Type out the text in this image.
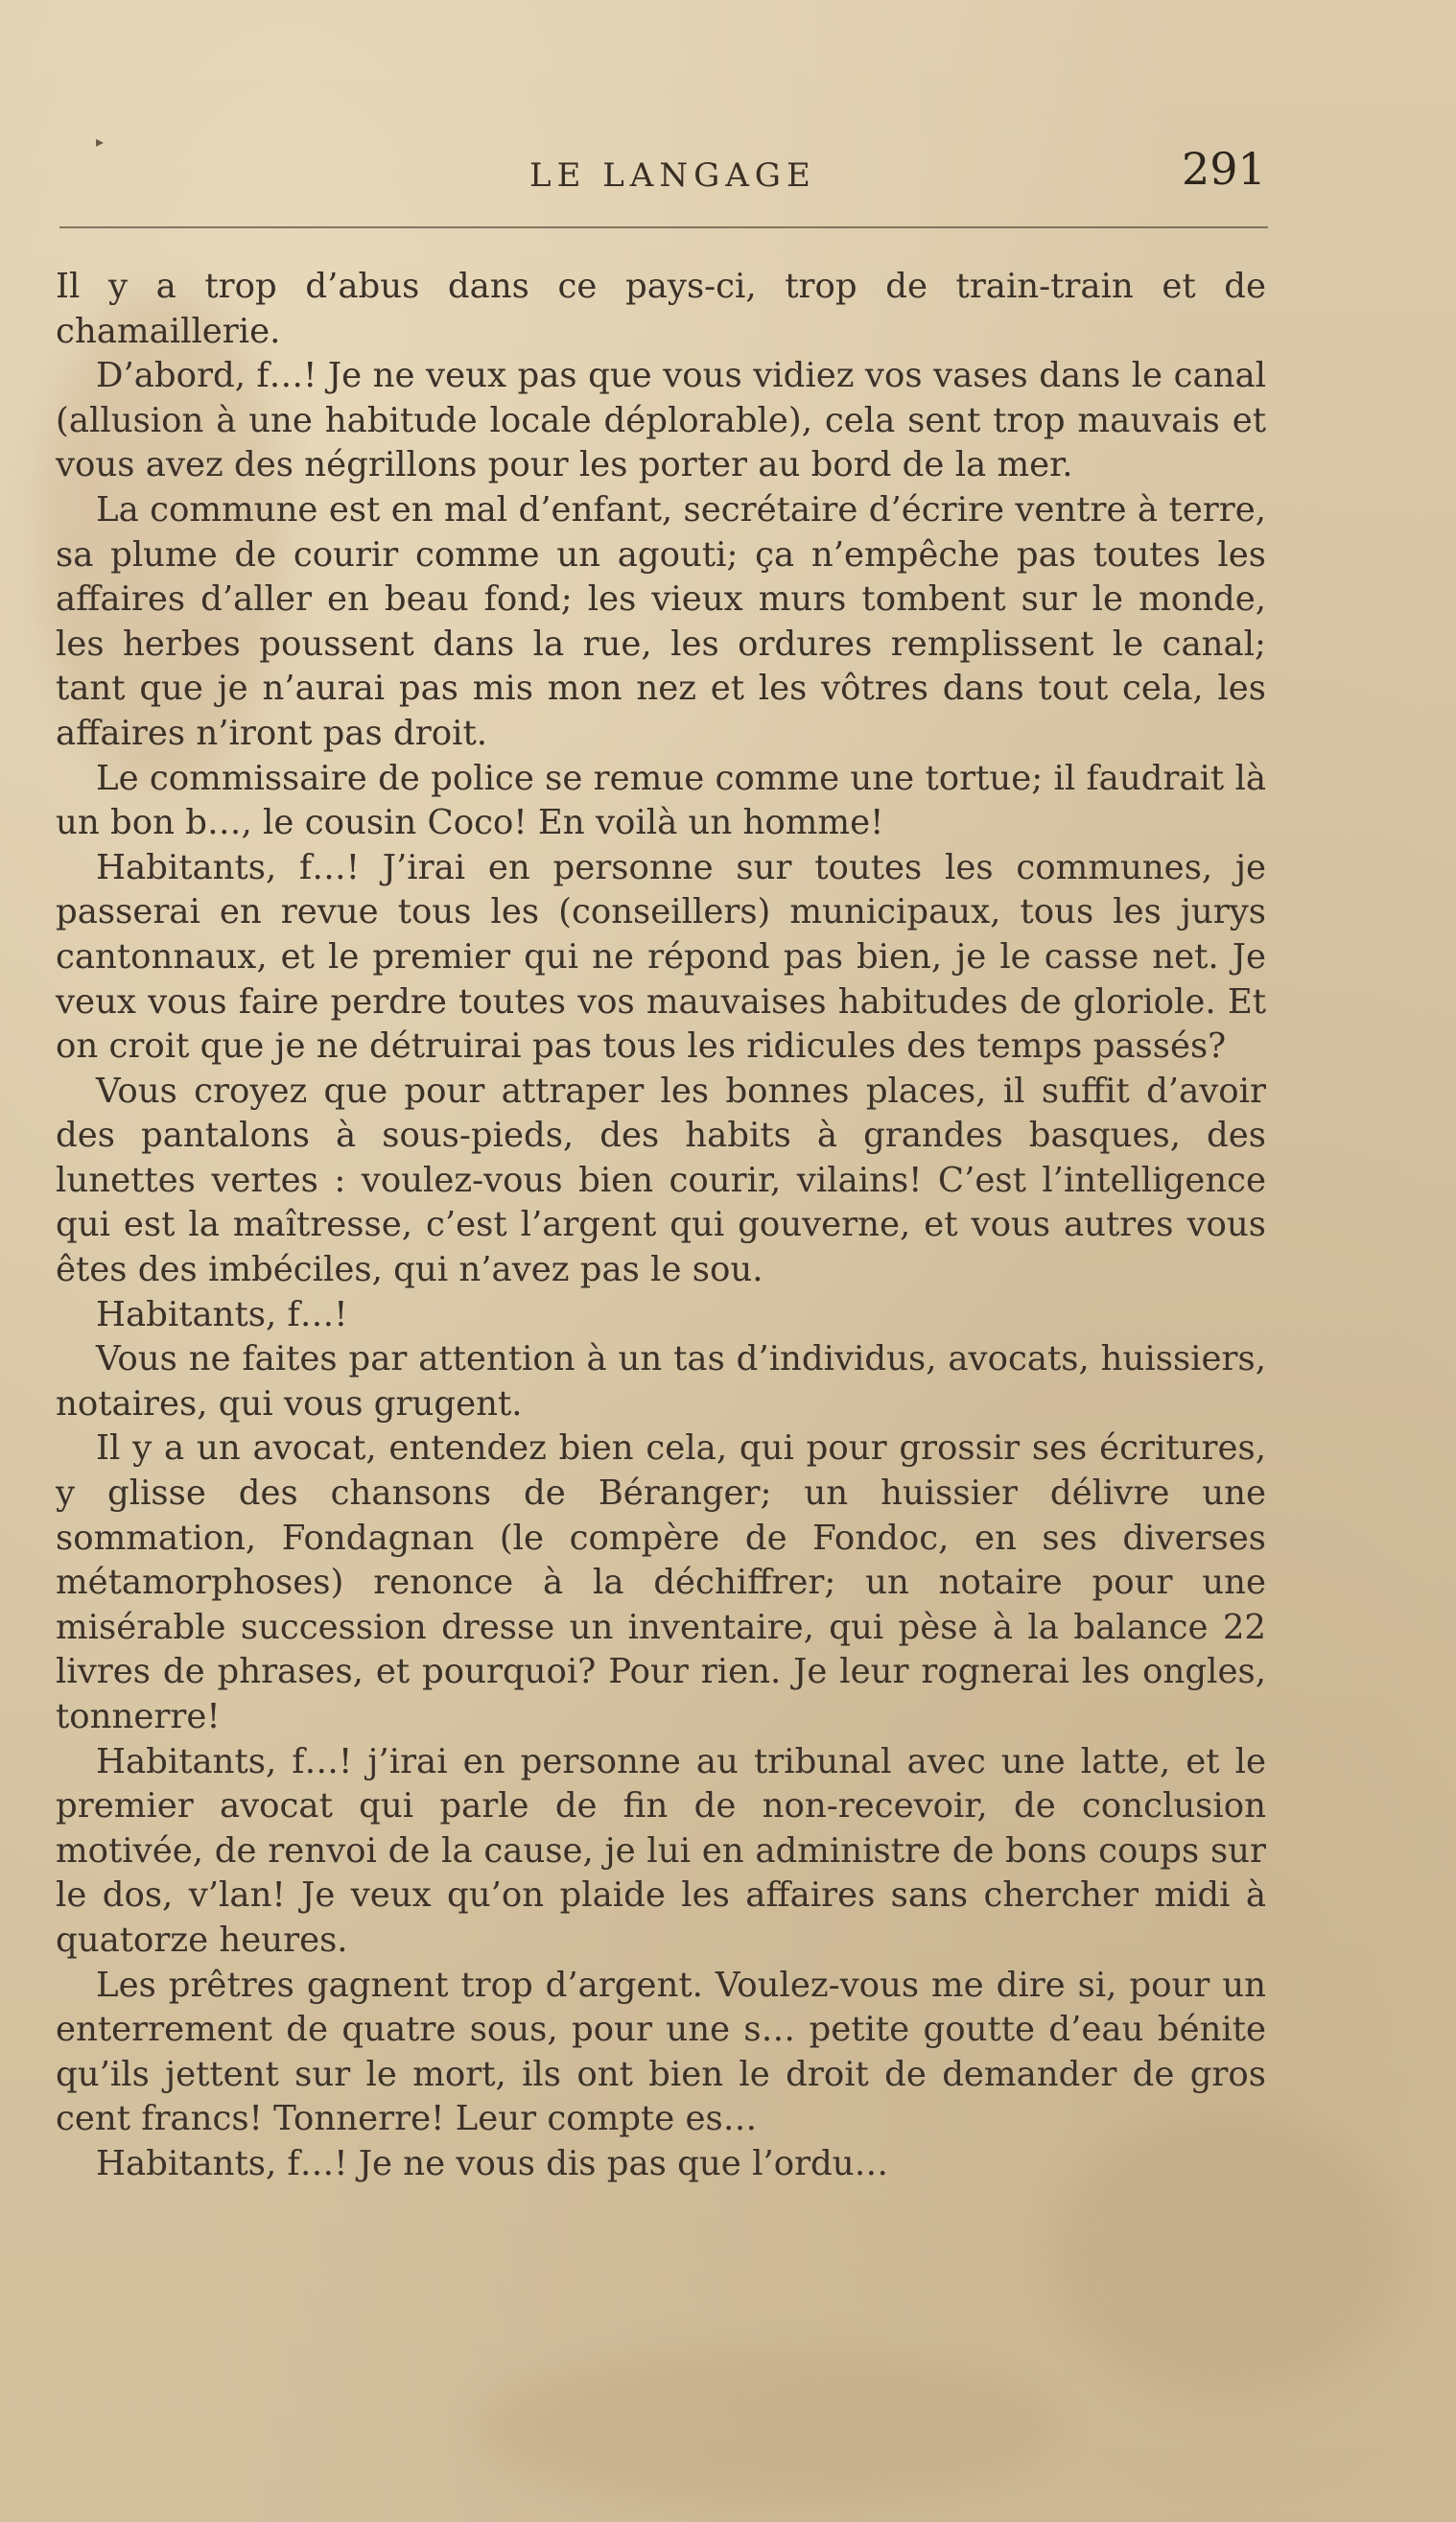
▸
LE LANGAGE	291

Il y a trop d’abus dans ce pays-ci, trop de train-train et de chamaillerie.

D’abord, f…! Je ne veux pas que vous vidiez vos vases dans le canal (allusion à une habitude locale déplorable), cela sent trop mauvais et vous avez des négrillons pour les porter au bord de la mer.

La commune est en mal d’enfant, secrétaire d’écrire ventre à terre, sa plume de courir comme un agouti; ça n’empêche pas toutes les affaires d’aller en beau fond; les vieux murs tombent sur le monde, les herbes poussent dans la rue, les ordures remplissent le canal; tant que je n’aurai pas mis mon nez et les vôtres dans tout cela, les affaires n’iront pas droit.

Le commissaire de police se remue comme une tortue; il faudrait là un bon b…, le cousin Coco! En voilà un homme!

Habitants, f…! J’irai en personne sur toutes les communes, je passerai en revue tous les (conseillers) municipaux, tous les jurys cantonnaux, et le premier qui ne répond pas bien, je le casse net. Je veux vous faire perdre toutes vos mauvaises habitudes de gloriole. Et on croit que je ne détruirai pas tous les ridicules des temps passés?

Vous croyez que pour attraper les bonnes places, il suffit d’avoir des pantalons à sous-pieds, des habits à grandes basques, des lunettes vertes : voulez-vous bien courir, vilains! C’est l’intelligence qui est la maîtresse, c’est l’argent qui gouverne, et vous autres vous êtes des imbéciles, qui n’avez pas le sou.

Habitants, f…!

Vous ne faites par attention à un tas d’individus, avocats, huissiers, notaires, qui vous grugent.

Il y a un avocat, entendez bien cela, qui pour grossir ses écritures, y glisse des chansons de Béranger; un huissier délivre une sommation, Fondagnan (le compère de Fondoc, en ses diverses métamorphoses) renonce à la déchiffrer; un notaire pour une misérable succession dresse un inventaire, qui pèse à la balance 22 livres de phrases, et pourquoi? Pour rien. Je leur rognerai les ongles, tonnerre!

Habitants, f…! j’irai en personne au tribunal avec une latte, et le premier avocat qui parle de fin de non-recevoir, de conclusion motivée, de renvoi de la cause, je lui en administre de bons coups sur le dos, v’lan! Je veux qu’on plaide les affaires sans chercher midi à quatorze heures.

Les prêtres gagnent trop d’argent. Voulez-vous me dire si, pour un enterrement de quatre sous, pour une s… petite goutte d’eau bénite qu’ils jettent sur le mort, ils ont bien le droit de demander de gros cent francs! Tonnerre! Leur compte es…

Habitants, f…! Je ne vous dis pas que l’ordu…
